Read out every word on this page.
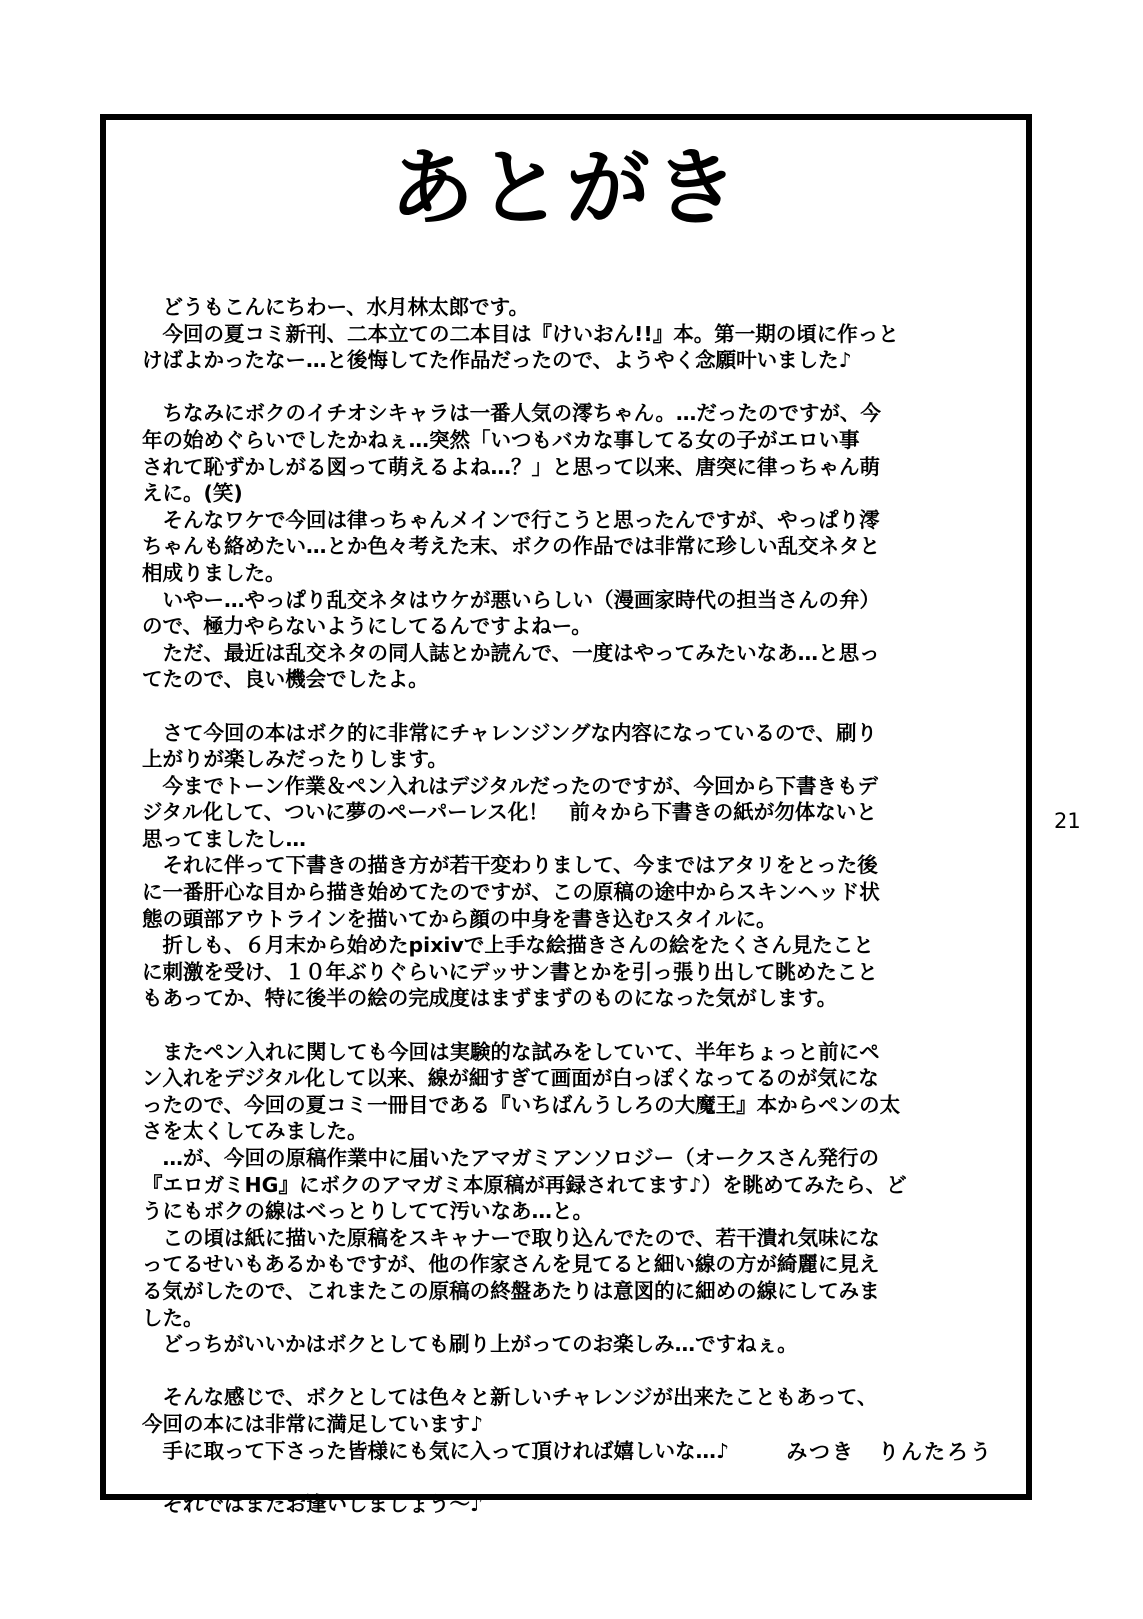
あとがき
　どうもこんにちわー、水月林太郎です。
　今回の夏コミ新刊、二本立ての二本目は『けいおん!!』本。第一期の頃に作っと
けばよかったなー…と後悔してた作品だったので、ようやく念願叶いました♪
　ちなみにボクのイチオシキャラは一番人気の澪ちゃん。…だったのですが、今
年の始めぐらいでしたかねぇ…突然「いつもバカな事してる女の子がエロい事
されて恥ずかしがる図って萌えるよね…？」と思って以来、唐突に律っちゃん萌
えに。(笑)
　そんなワケで今回は律っちゃんメインで行こうと思ったんですが、やっぱり澪
ちゃんも絡めたい…とか色々考えた末、ボクの作品では非常に珍しい乱交ネタと
相成りました。
　いやー…やっぱり乱交ネタはウケが悪いらしい（漫画家時代の担当さんの弁）
ので、極力やらないようにしてるんですよねー。
　ただ、最近は乱交ネタの同人誌とか読んで、一度はやってみたいなあ…と思っ
てたので、良い機会でしたよ。
　さて今回の本はボク的に非常にチャレンジングな内容になっているので、刷り
上がりが楽しみだったりします。
　今までトーン作業＆ペン入れはデジタルだったのですが、今回から下書きもデ
ジタル化して、ついに夢のペーパーレス化！　前々から下書きの紙が勿体ないと
思ってましたし…
　それに伴って下書きの描き方が若干変わりまして、今まではアタリをとった後
に一番肝心な目から描き始めてたのですが、この原稿の途中からスキンヘッド状
態の頭部アウトラインを描いてから顔の中身を書き込むスタイルに。
　折しも、６月末から始めたpixivで上手な絵描きさんの絵をたくさん見たこと
に刺激を受け、１０年ぶりぐらいにデッサン書とかを引っ張り出して眺めたこと
もあってか、特に後半の絵の完成度はまずまずのものになった気がします。
　またペン入れに関しても今回は実験的な試みをしていて、半年ちょっと前にペ
ン入れをデジタル化して以来、線が細すぎて画面が白っぽくなってるのが気にな
ったので、今回の夏コミ一冊目である『いちばんうしろの大魔王』本からペンの太
さを太くしてみました。
　…が、今回の原稿作業中に届いたアマガミアンソロジー（オークスさん発行の
『エロガミHG』にボクのアマガミ本原稿が再録されてます♪）を眺めてみたら、ど
うにもボクの線はべっとりしてて汚いなあ…と。
　この頃は紙に描いた原稿をスキャナーで取り込んでたので、若干潰れ気味にな
ってるせいもあるかもですが、他の作家さんを見てると細い線の方が綺麗に見え
る気がしたので、これまたこの原稿の終盤あたりは意図的に細めの線にしてみま
した。
　どっちがいいかはボクとしても刷り上がってのお楽しみ…ですねぇ。
　そんな感じで、ボクとしては色々と新しいチャレンジが出来たこともあって、
今回の本には非常に満足しています♪
　手に取って下さった皆様にも気に入って頂ければ嬉しいな…♪
　それではまたお逢いしましょう～♪
みつき　りんたろう
21
